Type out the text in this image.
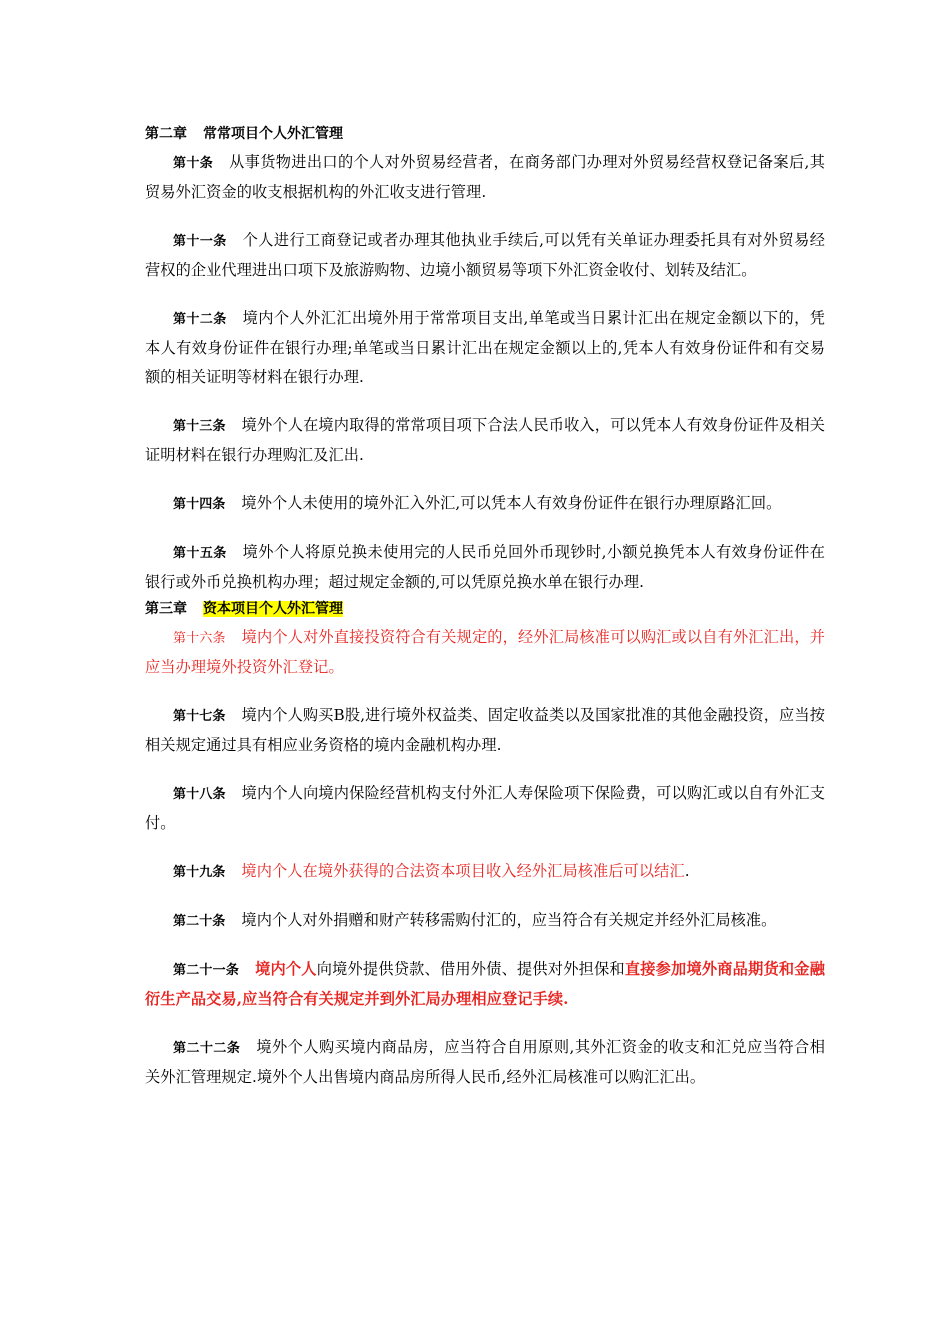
第二章 常常项目个人外汇管理

第十条 从事货物进出口的个人对外贸易经营者，在商务部门办理对外贸易经营权登记备案后,其贸易外汇资金的收支根据机构的外汇收支进行管理.

第十一条 个人进行工商登记或者办理其他执业手续后,可以凭有关单证办理委托具有对外贸易经营权的企业代理进出口项下及旅游购物、边境小额贸易等项下外汇资金收付、划转及结汇。

第十二条 境内个人外汇汇出境外用于常常项目支出,单笔或当日累计汇出在规定金额以下的，凭本人有效身份证件在银行办理;单笔或当日累计汇出在规定金额以上的,凭本人有效身份证件和有交易额的相关证明等材料在银行办理.

第十三条 境外个人在境内取得的常常项目项下合法人民币收入，可以凭本人有效身份证件及相关证明材料在银行办理购汇及汇出.

第十四条 境外个人未使用的境外汇入外汇,可以凭本人有效身份证件在银行办理原路汇回。

第十五条 境外个人将原兑换未使用完的人民币兑回外币现钞时,小额兑换凭本人有效身份证件在银行或外币兑换机构办理；超过规定金额的,可以凭原兑换水单在银行办理.

第三章 资本项目个人外汇管理

第十六条 境内个人对外直接投资符合有关规定的，经外汇局核准可以购汇或以自有外汇汇出，并应当办理境外投资外汇登记。

第十七条 境内个人购买B股,进行境外权益类、固定收益类以及国家批准的其他金融投资，应当按相关规定通过具有相应业务资格的境内金融机构办理.

第十八条 境内个人向境内保险经营机构支付外汇人寿保险项下保险费，可以购汇或以自有外汇支付。

第十九条 境内个人在境外获得的合法资本项目收入经外汇局核准后可以结汇.

第二十条 境内个人对外捐赠和财产转移需购付汇的，应当符合有关规定并经外汇局核准。

第二十一条 境内个人向境外提供贷款、借用外债、提供对外担保和直接参加境外商品期货和金融衍生产品交易,应当符合有关规定并到外汇局办理相应登记手续.

第二十二条 境外个人购买境内商品房，应当符合自用原则,其外汇资金的收支和汇兑应当符合相关外汇管理规定.境外个人出售境内商品房所得人民币,经外汇局核准可以购汇汇出。
